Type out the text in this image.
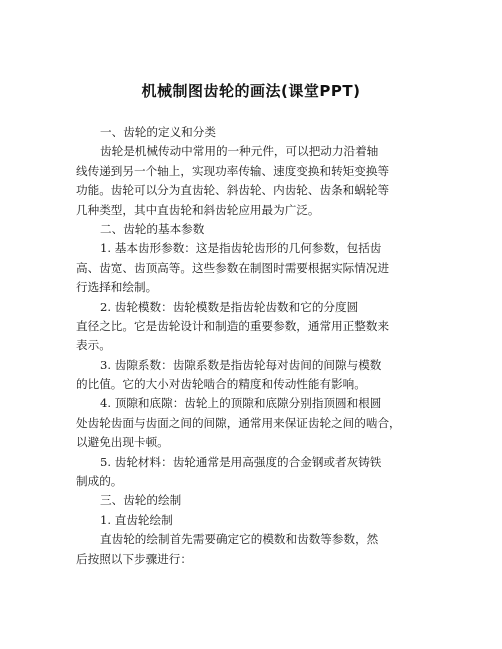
机械制图齿轮的画法(课堂PPT)
一、齿轮的定义和分类
齿轮是机械传动中常用的一种元件，可以把动力沿着轴
线传递到另一个轴上，实现功率传输、速度变换和转矩变换等
功能。齿轮可以分为直齿轮、斜齿轮、内齿轮、齿条和蜗轮等
几种类型，其中直齿轮和斜齿轮应用最为广泛。
二、齿轮的基本参数
1. 基本齿形参数：这是指齿轮齿形的几何参数，包括齿
高、齿宽、齿顶高等。这些参数在制图时需要根据实际情况进
行选择和绘制。
2. 齿轮模数：齿轮模数是指齿轮齿数和它的分度圆
直径之比。它是齿轮设计和制造的重要参数，通常用正整数来
表示。
3. 齿隙系数：齿隙系数是指齿轮每对齿间的间隙与模数
的比值。它的大小对齿轮啮合的精度和传动性能有影响。
4. 顶隙和底隙：齿轮上的顶隙和底隙分别指顶圆和根圆
处齿轮齿面与齿面之间的间隙，通常用来保证齿轮之间的啮合，
以避免出现卡顿。
5. 齿轮材料：齿轮通常是用高强度的合金钢或者灰铸铁
制成的。
三、齿轮的绘制
1. 直齿轮绘制
直齿轮的绘制首先需要确定它的模数和齿数等参数，然
后按照以下步骤进行：
